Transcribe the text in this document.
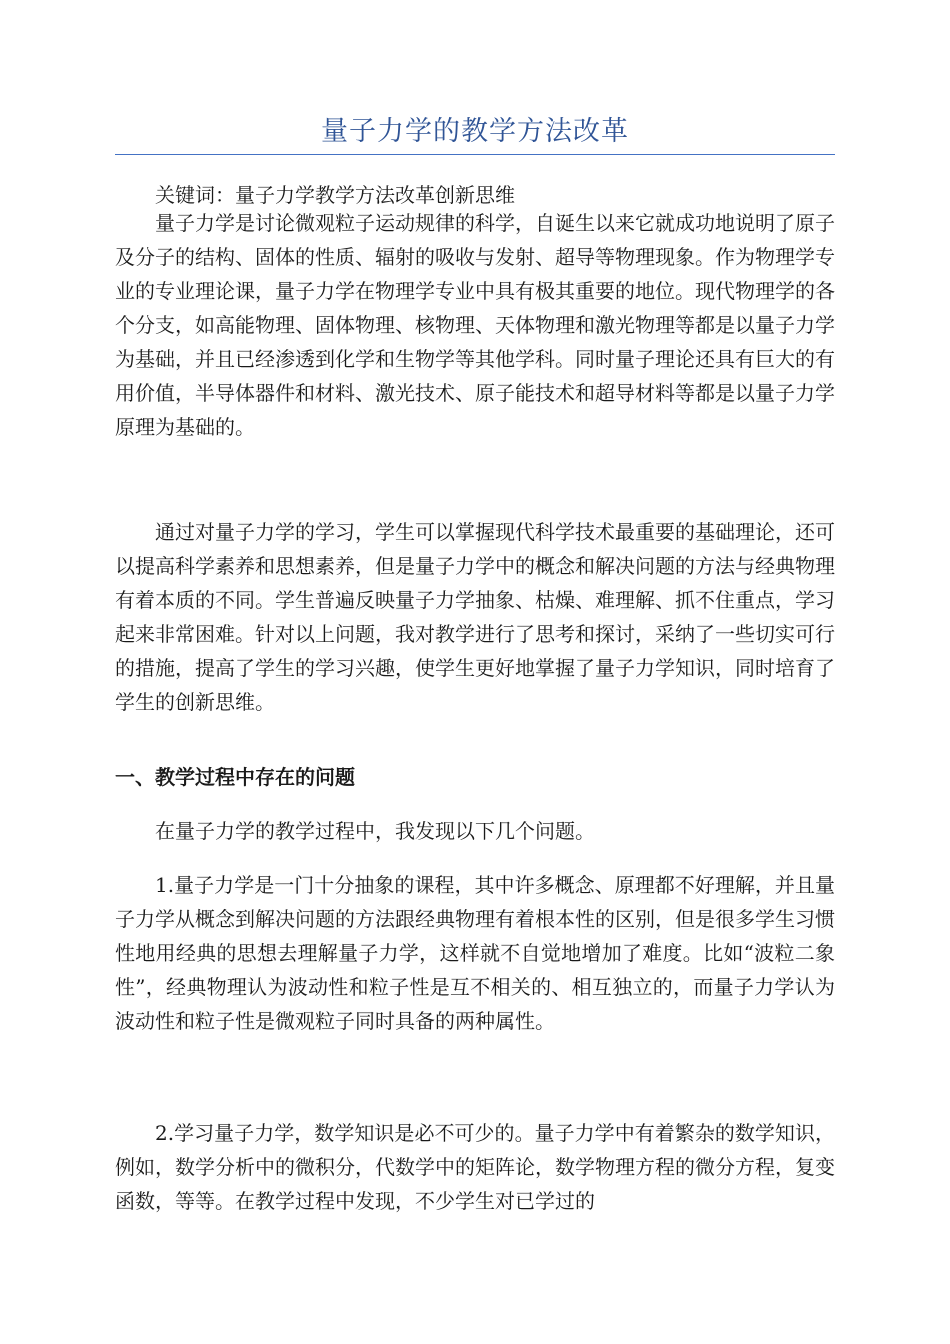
量子力学的教学方法改革

关键词：量子力学教学方法改革创新思维

量子力学是讨论微观粒子运动规律的科学，自诞生以来它就成功地说明了原子及分子的结构、固体的性质、辐射的吸收与发射、超导等物理现象。作为物理学专业的专业理论课，量子力学在物理学专业中具有极其重要的地位。现代物理学的各个分支，如高能物理、固体物理、核物理、天体物理和激光物理等都是以量子力学为基础，并且已经渗透到化学和生物学等其他学科。同时量子理论还具有巨大的有用价值，半导体器件和材料、激光技术、原子能技术和超导材料等都是以量子力学原理为基础的。

通过对量子力学的学习，学生可以掌握现代科学技术最重要的基础理论，还可以提高科学素养和思想素养，但是量子力学中的概念和解决问题的方法与经典物理有着本质的不同。学生普遍反映量子力学抽象、枯燥、难理解、抓不住重点，学习起来非常困难。针对以上问题，我对教学进行了思考和探讨，采纳了一些切实可行的措施，提高了学生的学习兴趣，使学生更好地掌握了量子力学知识，同时培育了学生的创新思维。

一、教学过程中存在的问题

在量子力学的教学过程中，我发现以下几个问题。

1.量子力学是一门十分抽象的课程，其中许多概念、原理都不好理解，并且量子力学从概念到解决问题的方法跟经典物理有着根本性的区别，但是很多学生习惯性地用经典的思想去理解量子力学，这样就不自觉地增加了难度。比如“波粒二象性”，经典物理认为波动性和粒子性是互不相关的、相互独立的，而量子力学认为波动性和粒子性是微观粒子同时具备的两种属性。

2.学习量子力学，数学知识是必不可少的。量子力学中有着繁杂的数学知识，例如，数学分析中的微积分，代数学中的矩阵论，数学物理方程的微分方程，复变函数，等等。在教学过程中发现，不少学生对已学过的
